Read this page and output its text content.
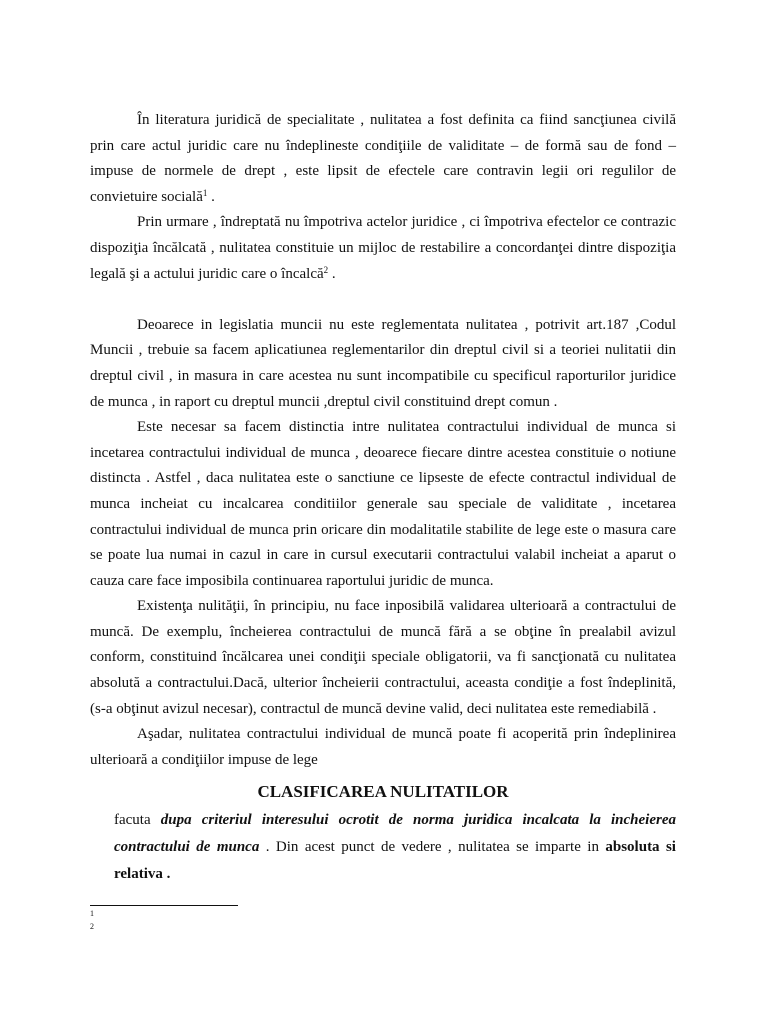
În literatura juridică de specialitate , nulitatea a fost definita ca fiind sancţiunea civilă prin care actul juridic care nu îndeplineste condiţiile de validitate – de formă sau de fond – impuse de normele de drept , este lipsit de efectele care contravin legii ori regulilor de convietuire socială$^1$ .

Prin urmare , îndreptată nu împotriva actelor juridice , ci împotriva efectelor ce contrazic dispoziţia încălcată , nulitatea constituie un mijloc de restabilire a concordanţei dintre dispoziţia legală şi a actului juridic care o încalcă$^2$ .

Deoarece in legislatia muncii nu este reglementata nulitatea , potrivit art.187 ,Codul Muncii , trebuie sa facem aplicatiunea reglementarilor din dreptul civil si a teoriei nulitatii din dreptul civil , in masura in care acestea nu sunt incompatibile cu specificul raporturilor juridice de munca , in raport cu dreptul muncii ,dreptul civil constituind drept comun .

Este necesar sa facem distinctia intre nulitatea contractului individual de munca si incetarea contractului individual de munca , deoarece fiecare dintre acestea constituie o notiune distincta . Astfel , daca nulitatea este o sanctiune ce lipseste de efecte contractul individual de munca incheiat cu incalcarea conditiilor generale sau speciale de validitate , incetarea contractului individual de munca prin oricare din modalitatile stabilite de lege este o masura care se poate lua numai in cazul in care in cursul executarii contractului valabil incheiat a aparut o cauza care face imposibila continuarea raportului juridic de munca.

Existenţa nulităţii, în principiu, nu face inposibilă validarea ulterioară a contractului de muncă. De exemplu, încheierea contractului de muncă fără a se obţine în prealabil avizul conform, constituind încălcarea unei condiţii speciale obligatorii, va fi sancţionată cu nulitatea absolută a contractului.Dacă, ulterior încheierii contractului, aceasta condiţie a fost îndeplinită, (s-a obţinut avizul necesar), contractul de muncă devine valid, deci nulitatea este remediabilă .

Aşadar, nulitatea contractului individual de muncă poate fi acoperită prin îndeplinirea ulterioară a condiţiilor impuse de lege

CLASIFICAREA NULITATILOR
facuta dupa criteriul interesului ocrotit de norma juridica incalcata la incheierea contractului de munca . Din acest punct de vedere , nulitatea se imparte in absoluta si relativa .
1
2
